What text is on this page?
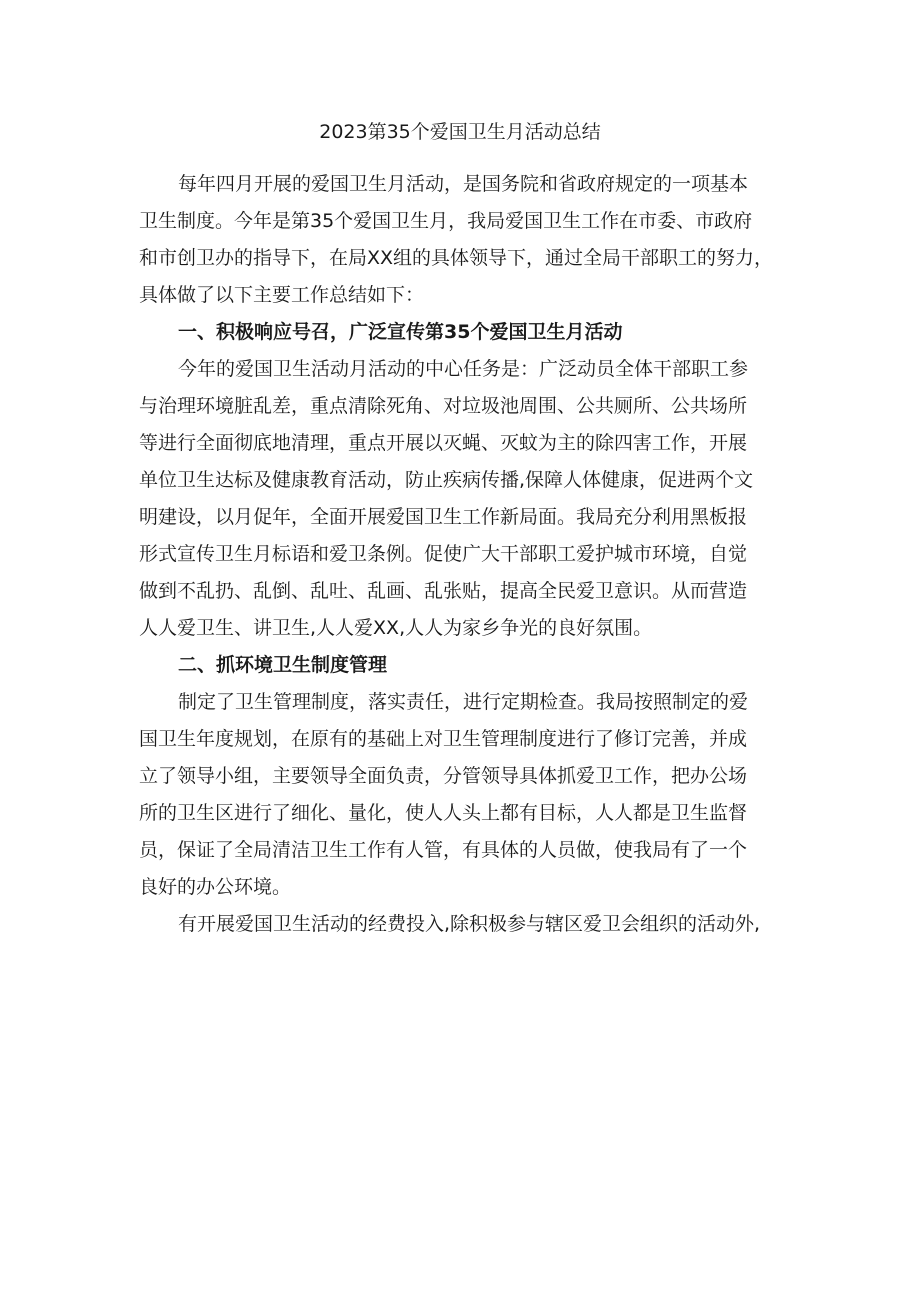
2023第35个爱国卫生月活动总结

每年四月开展的爱国卫生月活动，是国务院和省政府规定的一项基本

卫生制度。今年是第35个爱国卫生月，我局爱国卫生工作在市委、市政府

和市创卫办的指导下，在局XX组的具体领导下，通过全局干部职工的努力，

具体做了以下主要工作总结如下：

一、积极响应号召，广泛宣传第35个爱国卫生月活动

今年的爱国卫生活动月活动的中心任务是：广泛动员全体干部职工参

与治理环境脏乱差，重点清除死角、对垃圾池周围、公共厕所、公共场所

等进行全面彻底地清理，重点开展以灭蝇、灭蚊为主的除四害工作，开展

单位卫生达标及健康教育活动，防止疾病传播,保障人体健康，促进两个文

明建设，以月促年，全面开展爱国卫生工作新局面。我局充分利用黑板报

形式宣传卫生月标语和爱卫条例。促使广大干部职工爱护城市环境，自觉

做到不乱扔、乱倒、乱吐、乱画、乱张贴，提高全民爱卫意识。从而营造

人人爱卫生、讲卫生,人人爱XX,人人为家乡争光的良好氛围。

二、抓环境卫生制度管理

制定了卫生管理制度，落实责任，进行定期检查。我局按照制定的爱

国卫生年度规划，在原有的基础上对卫生管理制度进行了修订完善，并成

立了领导小组，主要领导全面负责，分管领导具体抓爱卫工作，把办公场

所的卫生区进行了细化、量化，使人人头上都有目标，人人都是卫生监督

员，保证了全局清洁卫生工作有人管，有具体的人员做，使我局有了一个

良好的办公环境。

有开展爱国卫生活动的经费投入,除积极参与辖区爱卫会组织的活动外,
